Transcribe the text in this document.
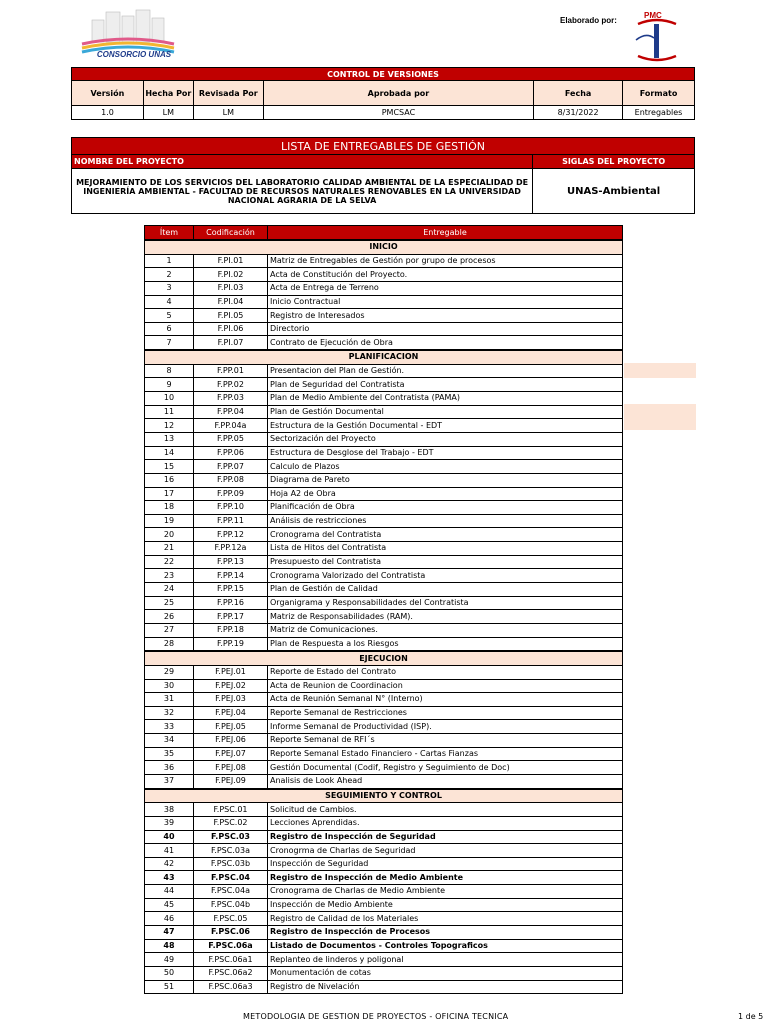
CONSORCIO UNAS
Elaborado por:
PMC
CONTROL DE VERSIONES					
Versión	Hecha Por	Revisada Por	Aprobada por	Fecha	Formato
1.0	LM	LM	PMCSAC	8/31/2022	Entregables
LISTA DE ENTREGABLES DE GESTIÓN	
NOMBRE DEL PROYECTO	SIGLAS DEL PROYECTO
MEJORAMIENTO DE LOS SERVICIOS DEL LABORATORIO CALIDAD AMBIENTAL DE LA ESPECIALIDAD DE INGENIERÍA AMBIENTAL - FACULTAD DE RECURSOS NATURALES RENOVABLES EN LA UNIVERSIDAD NACIONAL AGRARIA DE LA SELVA	UNAS-Ambiental
Ítem	Codificación	Entregable
INICIO		
1	F.PI.01	Matriz de Entregables de Gestión por grupo de procesos
2	F.PI.02	Acta de Constitución del Proyecto.
3	F.PI.03	Acta de Entrega de Terreno
4	F.PI.04	Inicio Contractual
5	F.PI.05	Registro de Interesados
6	F.PI.06	Directorio
7	F.PI.07	Contrato de Ejecución de Obra
PLANIFICACION		
8	F.PP.01	Presentacion del Plan de Gestión.
9	F.PP.02	Plan de Seguridad del Contratista
10	F.PP.03	Plan de Medio Ambiente del Contratista (PAMA)
11	F.PP.04	Plan de Gestión Documental
12	F.PP.04a	Estructura de la Gestión Documental - EDT
13	F.PP.05	Sectorización del Proyecto
14	F.PP.06	Estructura de Desglose del Trabajo - EDT
15	F.PP.07	Calculo de Plazos
16	F.PP.08	Diagrama de Pareto
17	F.PP.09	Hoja A2 de Obra
18	F.PP.10	Planificación de Obra
19	F.PP.11	Análisis de restricciones
20	F.PP.12	Cronograma del Contratista
21	F.PP.12a	Lista de Hitos del Contratista
22	F.PP.13	Presupuesto del Contratista
23	F.PP.14	Cronograma Valorizado del Contratista
24	F.PP.15	Plan de Gestión de Calidad
25	F.PP.16	Organigrama y Responsabilidades del Contratista
26	F.PP.17	Matriz de Responsabilidades (RAM).
27	F.PP.18	Matriz de Comunicaciones.
28	F.PP.19	Plan de Respuesta a los Riesgos
EJECUCION		
29	F.PEJ.01	Reporte de Estado del Contrato
30	F.PEJ.02	Acta de Reunion de Coordinacion
31	F.PEJ.03	Acta de Reunión Semanal N° (Interno)
32	F.PEJ.04	Reporte Semanal de Restricciones
33	F.PEJ.05	Informe Semanal de Productividad (ISP).
34	F.PEJ.06	Reporte Semanal de RFI´s
35	F.PEJ.07	Reporte Semanal Estado Financiero - Cartas Fianzas
36	F.PEJ.08	Gestión Documental (Codif, Registro y Seguimiento de Doc)
37	F.PEJ.09	Analisis de Look Ahead
SEGUIMIENTO Y CONTROL		
38	F.PSC.01	Solicitud de Cambios.
39	F.PSC.02	Lecciones Aprendidas.
40	F.PSC.03	Registro de Inspección de Seguridad
41	F.PSC.03a	Cronogrma de Charlas de Seguridad
42	F.PSC.03b	Inspección de Seguridad
43	F.PSC.04	Registro de Inspección de Medio Ambiente
44	F.PSC.04a	Cronograma de Charlas de Medio Ambiente
45	F.PSC.04b	Inspección de Medio Ambiente
46	F.PSC.05	Registro de Calidad de los Materiales
47	F.PSC.06	Registro de Inspección de Procesos
48	F.PSC.06a	Listado de Documentos - Controles Topograficos
49	F.PSC.06a1	Replanteo de linderos y poligonal
50	F.PSC.06a2	Monumentación de cotas
51	F.PSC.06a3	Registro de Nivelación
METODOLOGIA DE GESTION DE PROYECTOS - OFICINA TECNICA	1 de 5
